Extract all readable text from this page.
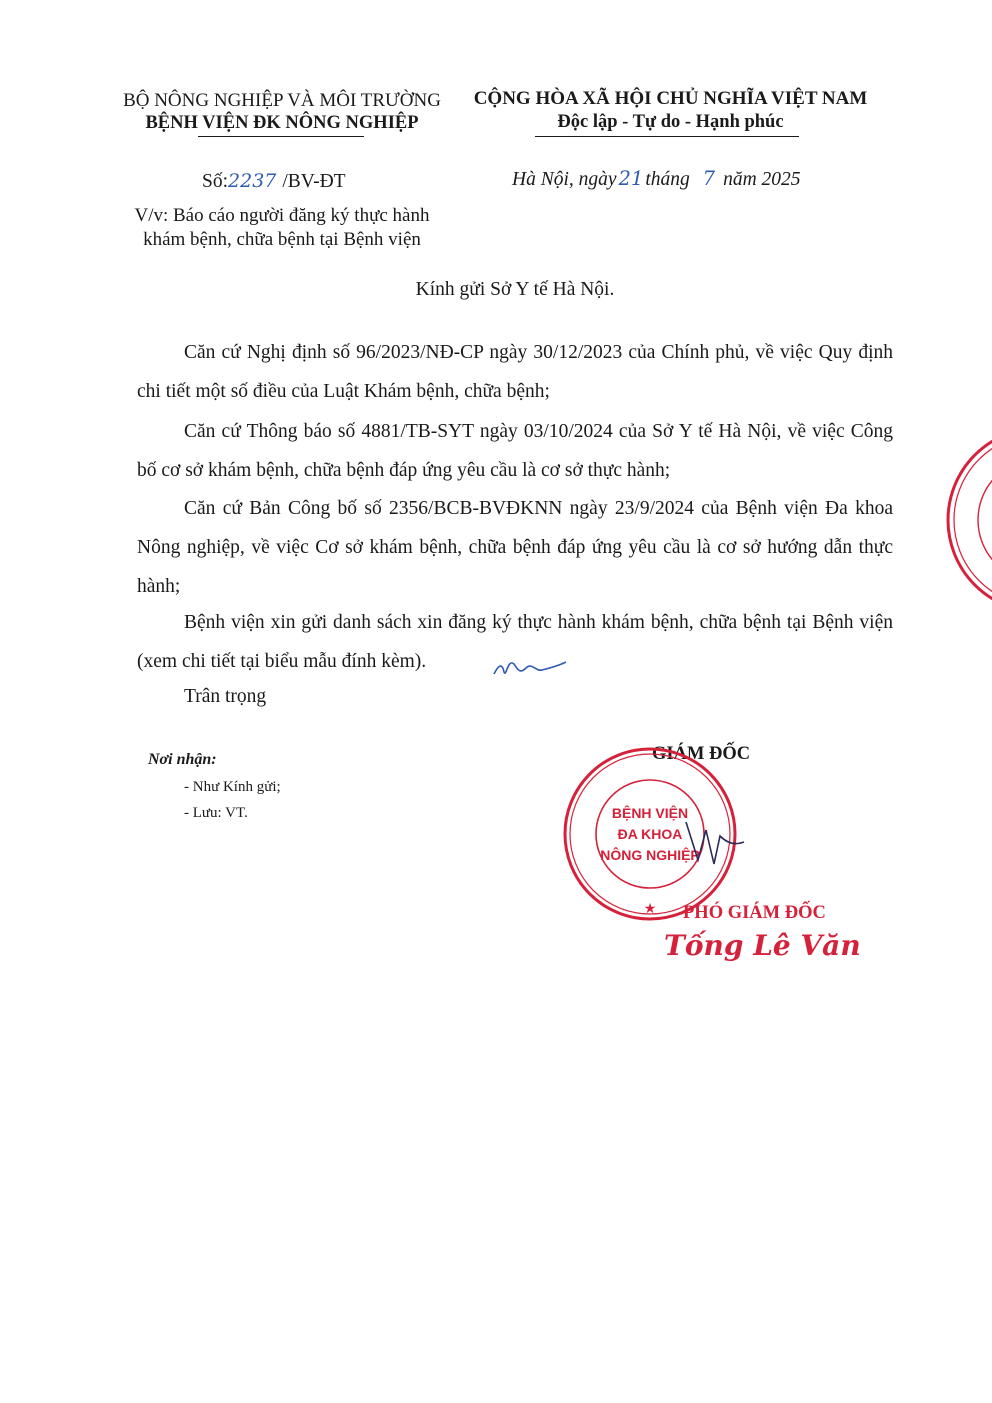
BỘ NÔNG NGHIỆP VÀ MÔI TRƯỜNG
BỆNH VIỆN ĐK NÔNG NGHIỆP
CỘNG HÒA XÃ HỘI CHỦ NGHĨA VIỆT NAM
Độc lập - Tự do - Hạnh phúc
Số:2237 /BV-ĐT	Hà Nội, ngày 21 tháng 7 năm 2025
V/v: Báo cáo người đăng ký thực hành
khám bệnh, chữa bệnh tại Bệnh viện
Kính gửi Sở Y tế Hà Nội.
Căn cứ Nghị định số 96/2023/NĐ-CP ngày 30/12/2023 của Chính phủ, về việc Quy định chi tiết một số điều của Luật Khám bệnh, chữa bệnh;
Căn cứ Thông báo số 4881/TB-SYT ngày 03/10/2024 của Sở Y tế Hà Nội, về việc Công bố cơ sở khám bệnh, chữa bệnh đáp ứng yêu cầu là cơ sở thực hành;
Căn cứ Bản Công bố số 2356/BCB-BVĐKNN ngày 23/9/2024 của Bệnh viện Đa khoa Nông nghiệp, về việc Cơ sở khám bệnh, chữa bệnh đáp ứng yêu cầu là cơ sở hướng dẫn thực hành;
Bệnh viện xin gửi danh sách xin đăng ký thực hành khám bệnh, chữa bệnh tại Bệnh viện (xem chi tiết tại biểu mẫu đính kèm).
Trân trọng
Nơi nhận:
- Như Kính gửi;
- Lưu: VT.
GIÁM ĐỐC
★
BỆNH VIỆN
ĐA KHOA
NÔNG NGHIỆP
PHÓ GIÁM ĐỐC
Tống Lê Văn
